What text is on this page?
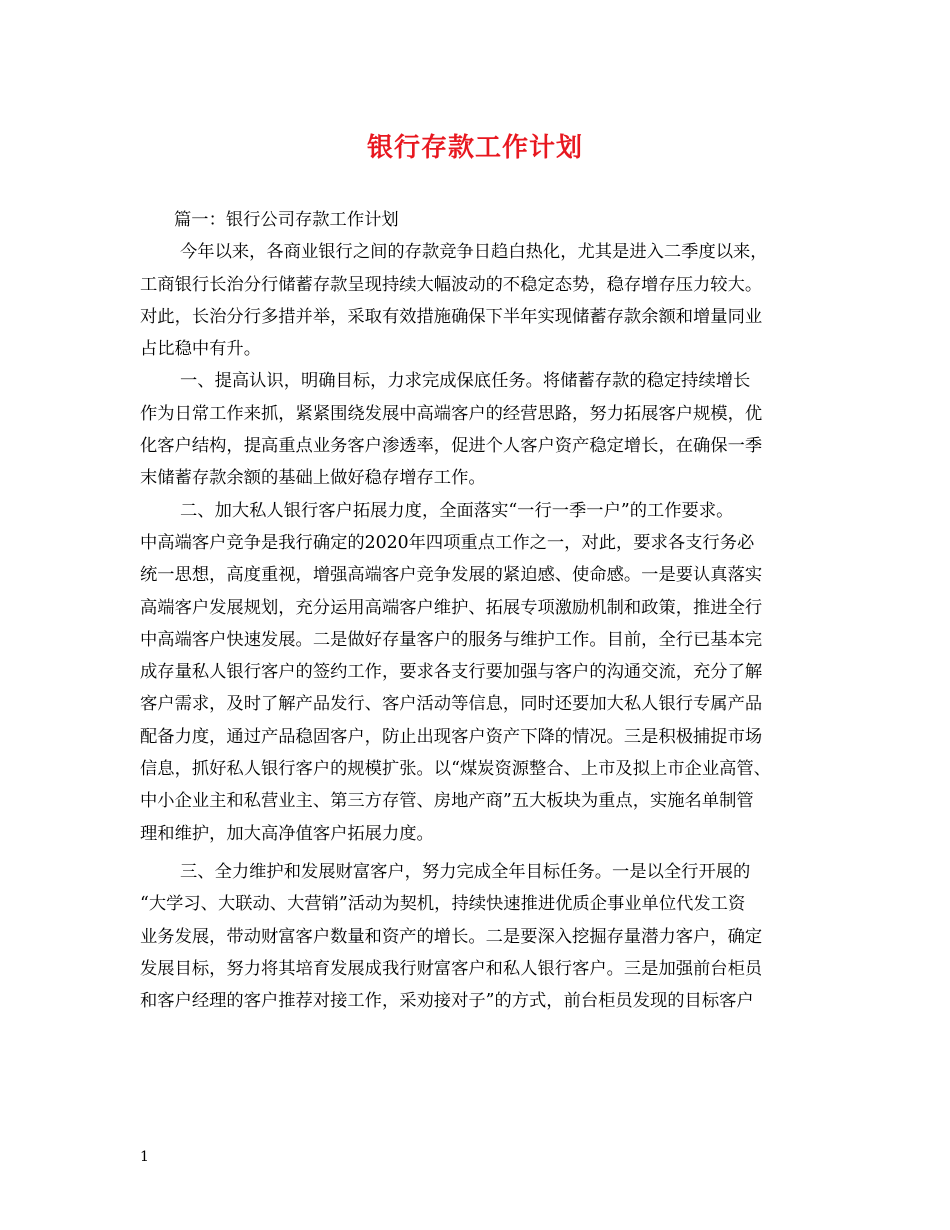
银行存款工作计划
篇一：银行公司存款工作计划
今年以来，各商业银行之间的存款竞争日趋白热化，尤其是进入二季度以来，
工商银行长治分行储蓄存款呈现持续大幅波动的不稳定态势，稳存增存压力较大。
对此，长治分行多措并举，采取有效措施确保下半年实现储蓄存款余额和增量同业
占比稳中有升。
一、提高认识，明确目标，力求完成保底任务。将储蓄存款的稳定持续增长
作为日常工作来抓，紧紧围绕发展中高端客户的经营思路，努力拓展客户规模，优
化客户结构，提高重点业务客户渗透率，促进个人客户资产稳定增长，在确保一季
末储蓄存款余额的基础上做好稳存增存工作。
二、加大私人银行客户拓展力度，全面落实“一行一季一户”的工作要求。
中高端客户竞争是我行确定的2020年四项重点工作之一，对此，要求各支行务必
统一思想，高度重视，增强高端客户竞争发展的紧迫感、使命感。一是要认真落实
高端客户发展规划，充分运用高端客户维护、拓展专项激励机制和政策，推进全行
中高端客户快速发展。二是做好存量客户的服务与维护工作。目前，全行已基本完
成存量私人银行客户的签约工作，要求各支行要加强与客户的沟通交流，充分了解
客户需求，及时了解产品发行、客户活动等信息，同时还要加大私人银行专属产品
配备力度，通过产品稳固客户，防止出现客户资产下降的情况。三是积极捕捉市场
信息，抓好私人银行客户的规模扩张。以“煤炭资源整合、上市及拟上市企业高管、
中小企业主和私营业主、第三方存管、房地产商”五大板块为重点，实施名单制管
理和维护，加大高净值客户拓展力度。
三、全力维护和发展财富客户，努力完成全年目标任务。一是以全行开展的
“大学习、大联动、大营销”活动为契机，持续快速推进优质企事业单位代发工资
业务发展，带动财富客户数量和资产的增长。二是要深入挖掘存量潜力客户，确定
发展目标，努力将其培育发展成我行财富客户和私人银行客户。三是加强前台柜员
和客户经理的客户推荐对接工作，采劝接对子”的方式，前台柜员发现的目标客户
1
